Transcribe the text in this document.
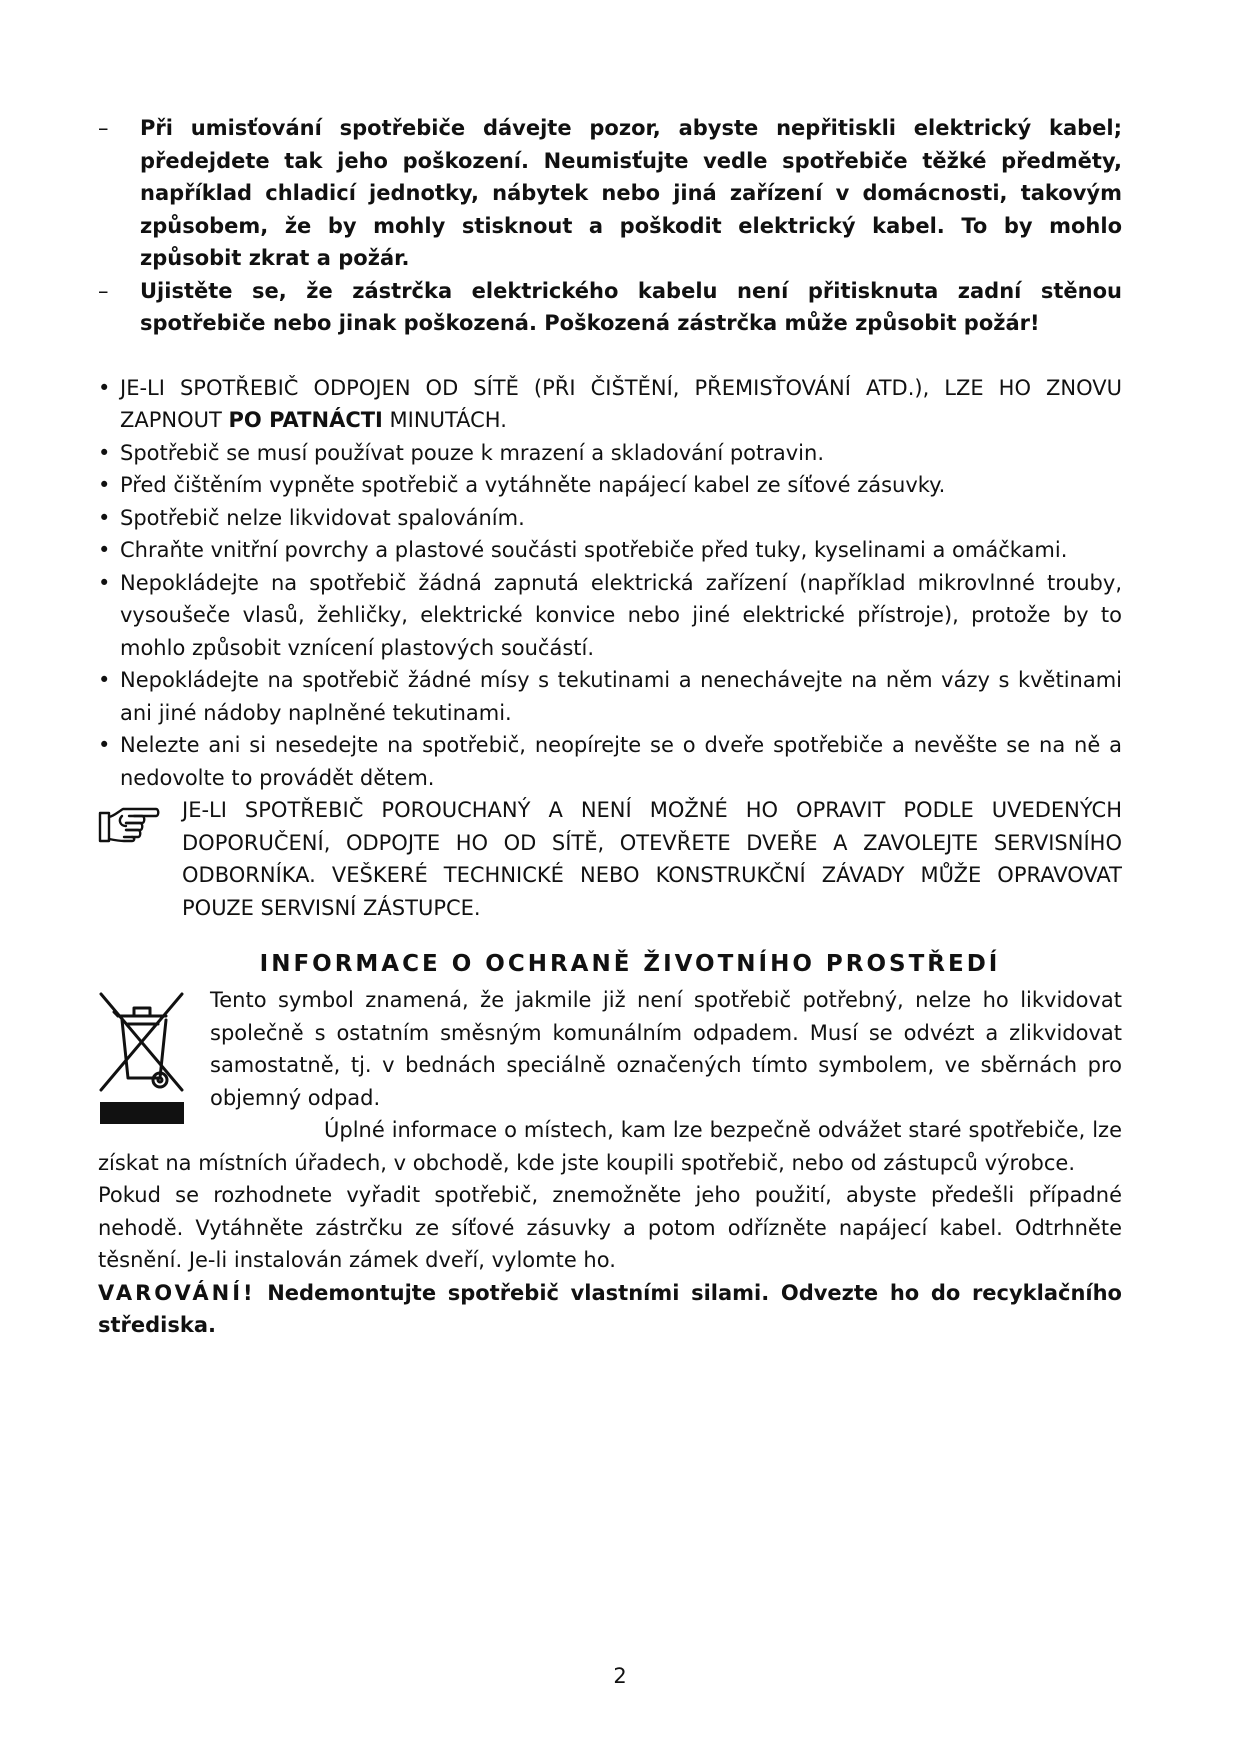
– Při umisťování spotřebiče dávejte pozor, abyste nepřitiskli elektrický kabel; předejdete tak jeho poškození. Neumisťujte vedle spotřebiče těžké předměty, například chladicí jednotky, nábytek nebo jiná zařízení v domácnosti, takovým způsobem, že by mohly stisknout a poškodit elektrický kabel. To by mohlo způsobit zkrat a požár.

– Ujistěte se, že zástrčka elektrického kabelu není přitisknuta zadní stěnou spotřebiče nebo jinak poškozená. Poškozená zástrčka může způsobit požár!

• JE-LI SPOTŘEBIČ ODPOJEN OD SÍTĚ (PŘI ČIŠTĚNÍ, PŘEMISŤOVÁNÍ ATD.), LZE HO ZNOVU ZAPNOUT PO PATNÁCTI MINUTÁCH.

• Spotřebič se musí používat pouze k mrazení a skladování potravin.

• Před čištěním vypněte spotřebič a vytáhněte napájecí kabel ze síťové zásuvky.

• Spotřebič nelze likvidovat spalováním.

• Chraňte vnitřní povrchy a plastové součásti spotřebiče před tuky, kyselinami a omáčkami.

• Nepokládejte na spotřebič žádná zapnutá elektrická zařízení (například mikrovlnné trouby, vysoušeče vlasů, žehličky, elektrické konvice nebo jiné elektrické přístroje), protože by to mohlo způsobit vznícení plastových součástí.

• Nepokládejte na spotřebič žádné mísy s tekutinami a nenechávejte na něm vázy s květinami ani jiné nádoby naplněné tekutinami.

• Nelezte ani si nesedejte na spotřebič, neopírejte se o dveře spotřebiče a nevěšte se na ně a nedovolte to provádět dětem.

JE-LI SPOTŘEBIČ POROUCHANÝ A NENÍ MOŽNÉ HO OPRAVIT PODLE UVEDENÝCH DOPORUČENÍ, ODPOJTE HO OD SÍTĚ, OTEVŘETE DVEŘE A ZAVOLEJTE SERVISNÍHO ODBORNÍKA. VEŠKERÉ TECHNICKÉ NEBO KONSTRUKČNÍ ZÁVADY MŮŽE OPRAVOVAT POUZE SERVISNÍ ZÁSTUPCE.

INFORMACE O OCHRANĚ ŽIVOTNÍHO PROSTŘEDÍ

Tento symbol znamená, že jakmile již není spotřebič potřebný, nelze ho likvidovat společně s ostatním směsným komunálním odpadem. Musí se odvézt a zlikvidovat samostatně, tj. v bednách speciálně označených tímto symbolem, ve sběrnách pro objemný odpad.

Úplné informace o místech, kam lze bezpečně odvážet staré spotřebiče, lze získat na místních úřadech, v obchodě, kde jste koupili spotřebič, nebo od zástupců výrobce.

Pokud se rozhodnete vyřadit spotřebič, znemožněte jeho použití, abyste předešli případné nehodě. Vytáhněte zástrčku ze síťové zásuvky a potom odřízněte napájecí kabel. Odtrhněte těsnění. Je-li instalován zámek dveří, vylomte ho.

VAROVÁNÍ! Nedemontujte spotřebič vlastními silami. Odvezte ho do recyklačního střediska.

2
